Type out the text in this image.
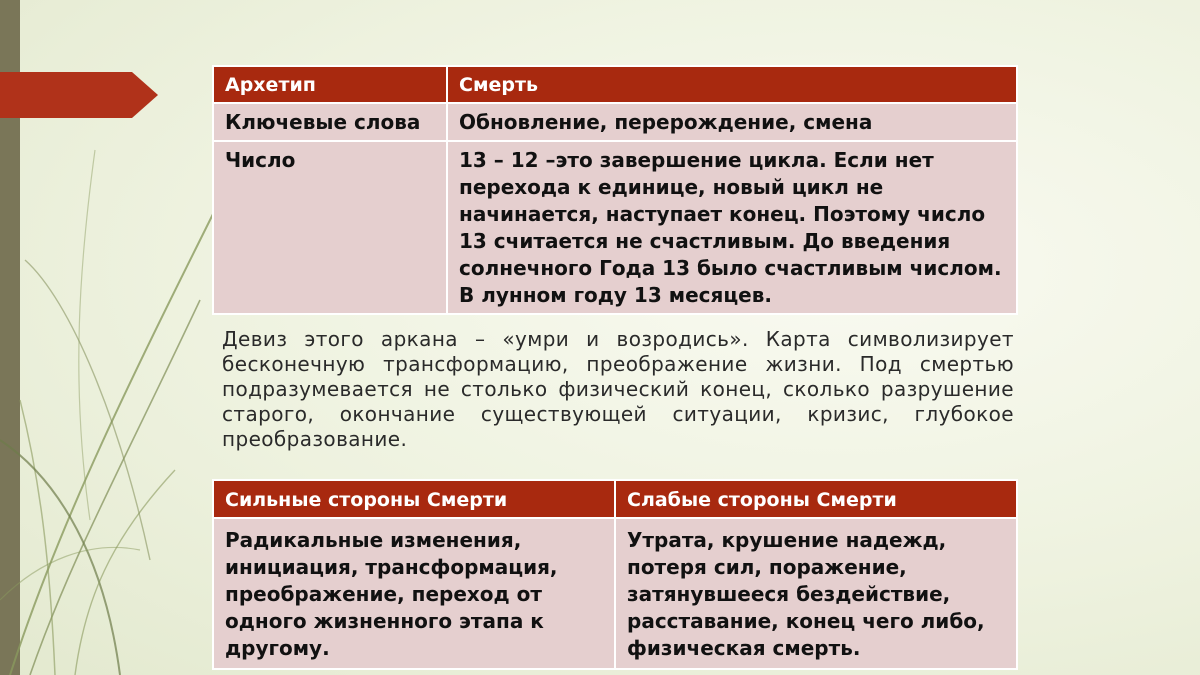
Архетип	Смерть
Ключевые слова	Обновление, перерождение, смена
Число	13 – 12 –это завершение цикла. Если нет перехода к единице, новый цикл не начинается, наступает конец. Поэтому число 13 считается не счастливым. До введения солнечного Года 13 было счастливым числом. В лунном году 13 месяцев.

Девиз этого аркана – «умри и возродись». Карта символизирует бесконечную трансформацию, преображение жизни. Под смертью подразумевается не столько физический конец, сколько разрушение старого, окончание существующей ситуации, кризис, глубокое преобразование.

Сильные стороны Смерти	Слабые стороны Смерти
Радикальные изменения, инициация, трансформация, преображение, переход от одного жизненного этапа к другому.	Утрата, крушение надежд, потеря сил, поражение, затянувшееся бездействие, расставание, конец чего либо, физическая смерть.
